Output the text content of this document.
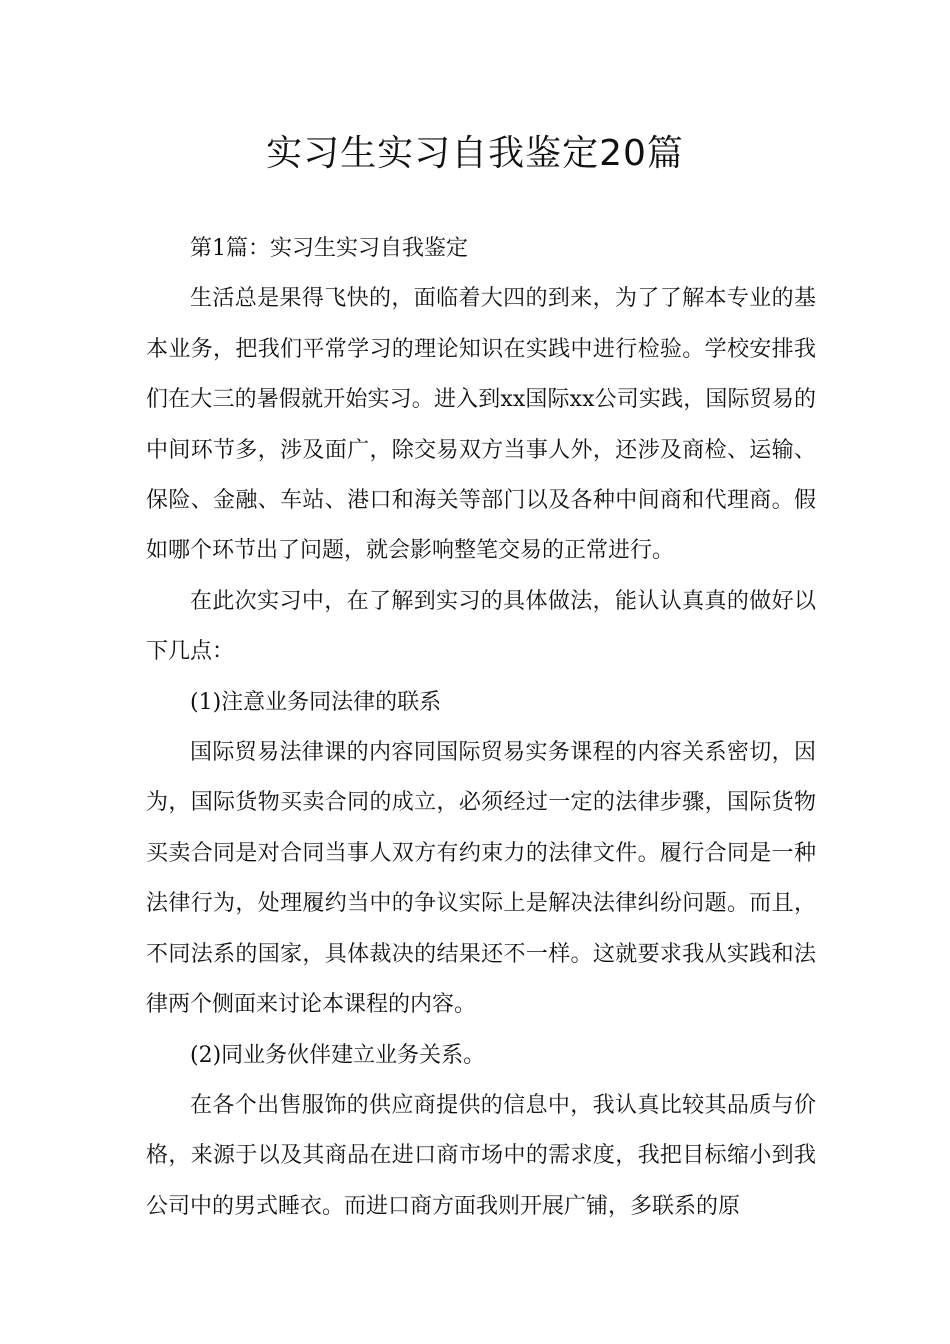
实习生实习自我鉴定20篇

第1篇：实习生实习自我鉴定

生活总是果得飞快的，面临着大四的到来，为了了解本专业的基本业务，把我们平常学习的理论知识在实践中进行检验。学校安排我们在大三的暑假就开始实习。进入到xx国际xx公司实践，国际贸易的中间环节多，涉及面广，除交易双方当事人外，还涉及商检、运输、保险、金融、车站、港口和海关等部门以及各种中间商和代理商。假如哪个环节出了问题，就会影响整笔交易的正常进行。

在此次实习中，在了解到实习的具体做法，能认认真真的做好以下几点：

(1)注意业务同法律的联系

国际贸易法律课的内容同国际贸易实务课程的内容关系密切，因为，国际货物买卖合同的成立，必须经过一定的法律步骤，国际货物买卖合同是对合同当事人双方有约束力的法律文件。履行合同是一种法律行为，处理履约当中的争议实际上是解决法律纠纷问题。而且，不同法系的国家，具体裁决的结果还不一样。这就要求我从实践和法律两个侧面来讨论本课程的内容。

(2)同业务伙伴建立业务关系。

在各个出售服饰的供应商提供的信息中，我认真比较其品质与价格，来源于以及其商品在进口商市场中的需求度，我把目标缩小到我公司中的男式睡衣。而进口商方面我则开展广铺，多联系的原
